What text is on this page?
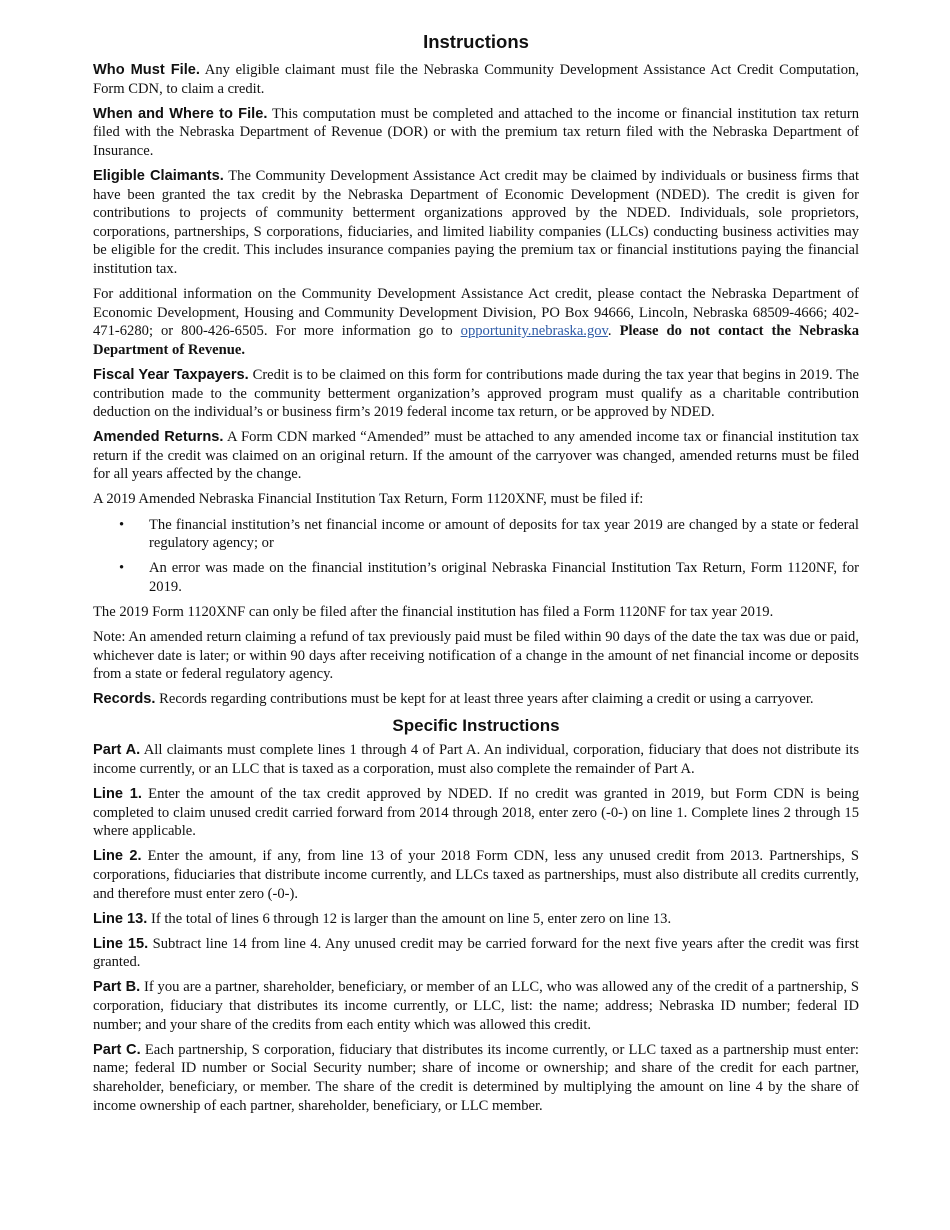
Instructions

Who Must File. Any eligible claimant must file the Nebraska Community Development Assistance Act Credit Computation, Form CDN, to claim a credit.

When and Where to File. This computation must be completed and attached to the income or financial institution tax return filed with the Nebraska Department of Revenue (DOR) or with the premium tax return filed with the Nebraska Department of Insurance.

Eligible Claimants. The Community Development Assistance Act credit may be claimed by individuals or business firms that have been granted the tax credit by the Nebraska Department of Economic Development (NDED). The credit is given for contributions to projects of community betterment organizations approved by the NDED. Individuals, sole proprietors, corporations, partnerships, S corporations, fiduciaries, and limited liability companies (LLCs) conducting business activities may be eligible for the credit. This includes insurance companies paying the premium tax or financial institutions paying the financial institution tax.

For additional information on the Community Development Assistance Act credit, please contact the Nebraska Department of Economic Development, Housing and Community Development Division, PO Box 94666, Lincoln, Nebraska 68509-4666; 402-471-6280; or 800-426-6505. For more information go to opportunity.nebraska.gov. Please do not contact the Nebraska Department of Revenue.

Fiscal Year Taxpayers. Credit is to be claimed on this form for contributions made during the tax year that begins in 2019. The contribution made to the community betterment organization’s approved program must qualify as a charitable contribution deduction on the individual’s or business firm’s 2019 federal income tax return, or be approved by NDED.

Amended Returns. A Form CDN marked “Amended” must be attached to any amended income tax or financial institution tax return if the credit was claimed on an original return. If the amount of the carryover was changed, amended returns must be filed for all years affected by the change.

A 2019 Amended Nebraska Financial Institution Tax Return, Form 1120XNF, must be filed if:

• The financial institution’s net financial income or amount of deposits for tax year 2019 are changed by a state or federal regulatory agency; or
• An error was made on the financial institution’s original Nebraska Financial Institution Tax Return, Form 1120NF, for 2019.

The 2019 Form 1120XNF can only be filed after the financial institution has filed a Form 1120NF for tax year 2019.

Note: An amended return claiming a refund of tax previously paid must be filed within 90 days of the date the tax was due or paid, whichever date is later; or within 90 days after receiving notification of a change in the amount of net financial income or deposits from a state or federal regulatory agency.

Records. Records regarding contributions must be kept for at least three years after claiming a credit or using a carryover.

Specific Instructions

Part A. All claimants must complete lines 1 through 4 of Part A. An individual, corporation, fiduciary that does not distribute its income currently, or an LLC that is taxed as a corporation, must also complete the remainder of Part A.

Line 1. Enter the amount of the tax credit approved by NDED. If no credit was granted in 2019, but Form CDN is being completed to claim unused credit carried forward from 2014 through 2018, enter zero (-0-) on line 1. Complete lines 2 through 15 where applicable.

Line 2. Enter the amount, if any, from line 13 of your 2018 Form CDN, less any unused credit from 2013. Partnerships, S corporations, fiduciaries that distribute income currently, and LLCs taxed as partnerships, must also distribute all credits currently, and therefore must enter zero (-0-).

Line 13. If the total of lines 6 through 12 is larger than the amount on line 5, enter zero on line 13.

Line 15. Subtract line 14 from line 4. Any unused credit may be carried forward for the next five years after the credit was first granted.

Part B. If you are a partner, shareholder, beneficiary, or member of an LLC, who was allowed any of the credit of a partnership, S corporation, fiduciary that distributes its income currently, or LLC, list: the name; address; Nebraska ID number; federal ID number; and your share of the credits from each entity which was allowed this credit.

Part C. Each partnership, S corporation, fiduciary that distributes its income currently, or LLC taxed as a partnership must enter: name; federal ID number or Social Security number; share of income or ownership; and share of the credit for each partner, shareholder, beneficiary, or member. The share of the credit is determined by multiplying the amount on line 4 by the share of income ownership of each partner, shareholder, beneficiary, or LLC member.
